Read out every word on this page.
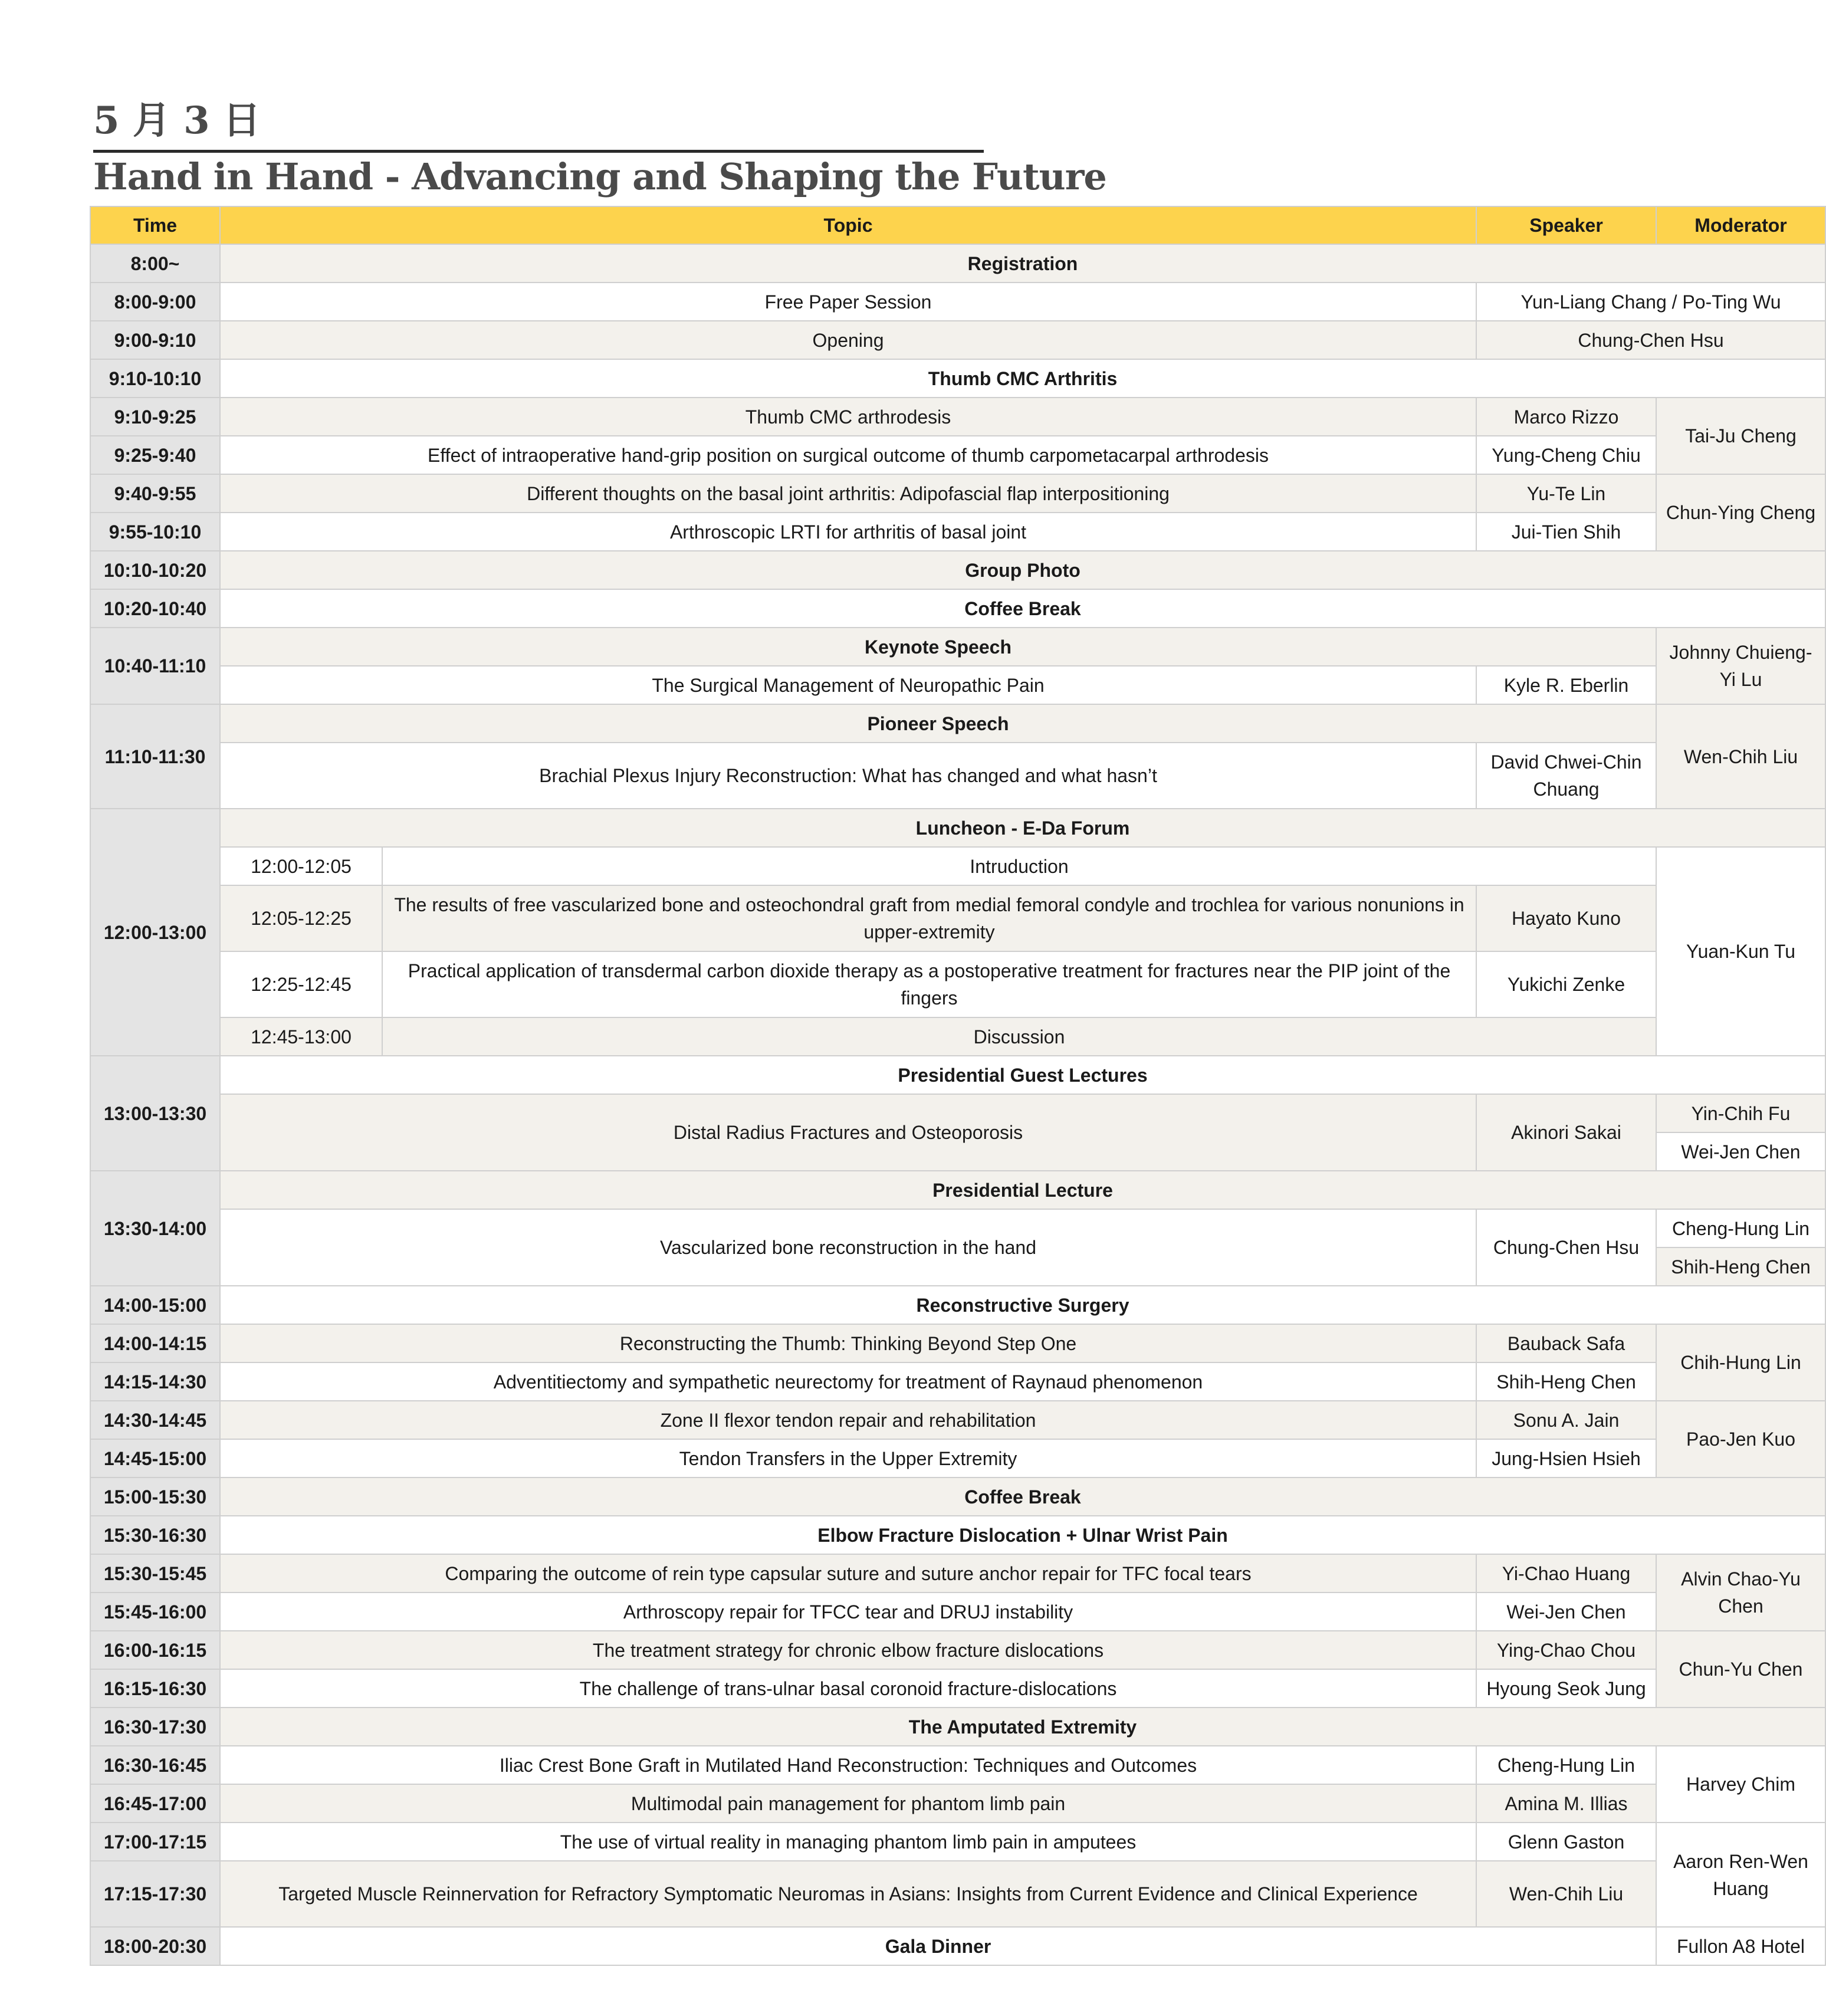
5 月 3 日
Hand in Hand - Advancing and Shaping the Future
Time	Topic		Speaker	Moderator
8:00~	Registration			
8:00-9:00	Free Paper Session		Yun-Liang Chang / Po-Ting Wu	
9:00-9:10	Opening		Chung-Chen Hsu	
9:10-10:10	Thumb CMC Arthritis			
9:10-9:25	Thumb CMC arthrodesis		Marco Rizzo	Tai-Ju Cheng
9:25-9:40	Effect of intraoperative hand-grip position on surgical outcome of thumb carpometacarpal arthrodesis		Yung-Cheng Chiu	
9:40-9:55	Different thoughts on the basal joint arthritis: Adipofascial flap interpositioning		Yu-Te Lin	Chun-Ying Cheng
9:55-10:10	Arthroscopic LRTI for arthritis of basal joint		Jui-Tien Shih	
10:10-10:20	Group Photo			
10:20-10:40	Coffee Break			
10:40-11:10	Keynote Speech			Johnny Chuieng-Yi Lu
	The Surgical Management of Neuropathic Pain		Kyle R. Eberlin	
11:10-11:30	Pioneer Speech			Wen-Chih Liu
	Brachial Plexus Injury Reconstruction: What has changed and what hasn’t		David Chwei-Chin Chuang	
12:00-13:00	Luncheon - E-Da Forum			
	12:00-12:05	Intruduction		Yuan-Kun Tu
	12:05-12:25	The results of free vascularized bone and osteochondral graft from medial femoral condyle and trochlea for various nonunions in upper-extremity	Hayato Kuno	
	12:25-12:45	Practical application of transdermal carbon dioxide therapy as a postoperative treatment for fractures near the PIP joint of the fingers	Yukichi Zenke	
	12:45-13:00	Discussion		
13:00-13:30	Presidential Guest Lectures			
	Distal Radius Fractures and Osteoporosis		Akinori Sakai	Yin-Chih Fu
				Wei-Jen Chen
13:30-14:00	Presidential Lecture			
	Vascularized bone reconstruction in the hand		Chung-Chen Hsu	Cheng-Hung Lin
				Shih-Heng Chen
14:00-15:00	Reconstructive Surgery			
14:00-14:15	Reconstructing the Thumb: Thinking Beyond Step One		Bauback Safa	Chih-Hung Lin
14:15-14:30	Adventitiectomy and sympathetic neurectomy for treatment of Raynaud phenomenon		Shih-Heng Chen	
14:30-14:45	Zone II flexor tendon repair and rehabilitation		Sonu A. Jain	Pao-Jen Kuo
14:45-15:00	Tendon Transfers in the Upper Extremity		Jung-Hsien Hsieh	
15:00-15:30	Coffee Break			
15:30-16:30	Elbow Fracture Dislocation + Ulnar Wrist Pain			
15:30-15:45	Comparing the outcome of rein type capsular suture and suture anchor repair for TFC focal tears		Yi-Chao Huang	Alvin Chao-Yu Chen
15:45-16:00	Arthroscopy repair for TFCC tear and DRUJ instability		Wei-Jen Chen	
16:00-16:15	The treatment strategy for chronic elbow fracture dislocations		Ying-Chao Chou	Chun-Yu Chen
16:15-16:30	The challenge of trans-ulnar basal coronoid fracture-dislocations		Hyoung Seok Jung	
16:30-17:30	The Amputated Extremity			
16:30-16:45	Iliac Crest Bone Graft in Mutilated Hand Reconstruction: Techniques and Outcomes		Cheng-Hung Lin	Harvey Chim
16:45-17:00	Multimodal pain management for phantom limb pain		Amina M. Illias	
17:00-17:15	The use of virtual reality in managing phantom limb pain in amputees		Glenn Gaston	Aaron Ren-Wen Huang
17:15-17:30	Targeted Muscle Reinnervation for Refractory Symptomatic Neuromas in Asians: Insights from Current Evidence and Clinical Experience		Wen-Chih Liu	
18:00-20:30	Gala Dinner			Fullon A8 Hotel
